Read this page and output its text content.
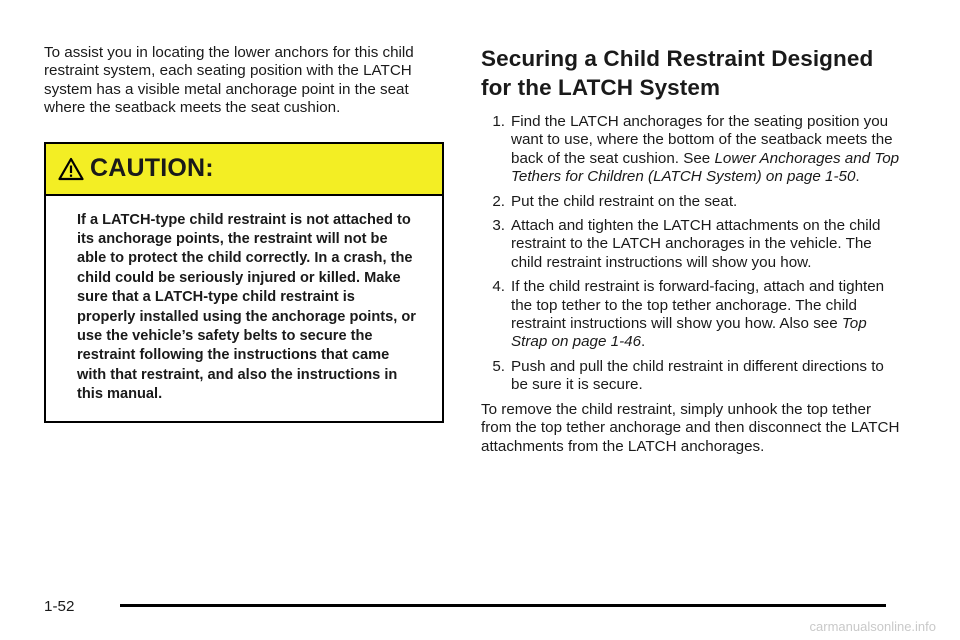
To assist you in locating the lower anchors for this child restraint system, each seating position with the LATCH system has a visible metal anchorage point in the seat where the seatback meets the seat cushion.

CAUTION:
If a LATCH-type child restraint is not attached to its anchorage points, the restraint will not be able to protect the child correctly. In a crash, the child could be seriously injured or killed. Make sure that a LATCH-type child restraint is properly installed using the anchorage points, or use the vehicle’s safety belts to secure the restraint following the instructions that came with that restraint, and also the instructions in this manual.
Securing a Child Restraint Designed for the LATCH System
1. Find the LATCH anchorages for the seating position you want to use, where the bottom of the seatback meets the back of the seat cushion. See Lower Anchorages and Top Tethers for Children (LATCH System) on page 1-50.
2. Put the child restraint on the seat.
3. Attach and tighten the LATCH attachments on the child restraint to the LATCH anchorages in the vehicle. The child restraint instructions will show you how.
4. If the child restraint is forward-facing, attach and tighten the top tether to the top tether anchorage. The child restraint instructions will show you how. Also see Top Strap on page 1-46.
5. Push and pull the child restraint in different directions to be sure it is secure.

To remove the child restraint, simply unhook the top tether from the top tether anchorage and then disconnect the LATCH attachments from the LATCH anchorages.

1-52
carmanualsonline.info
